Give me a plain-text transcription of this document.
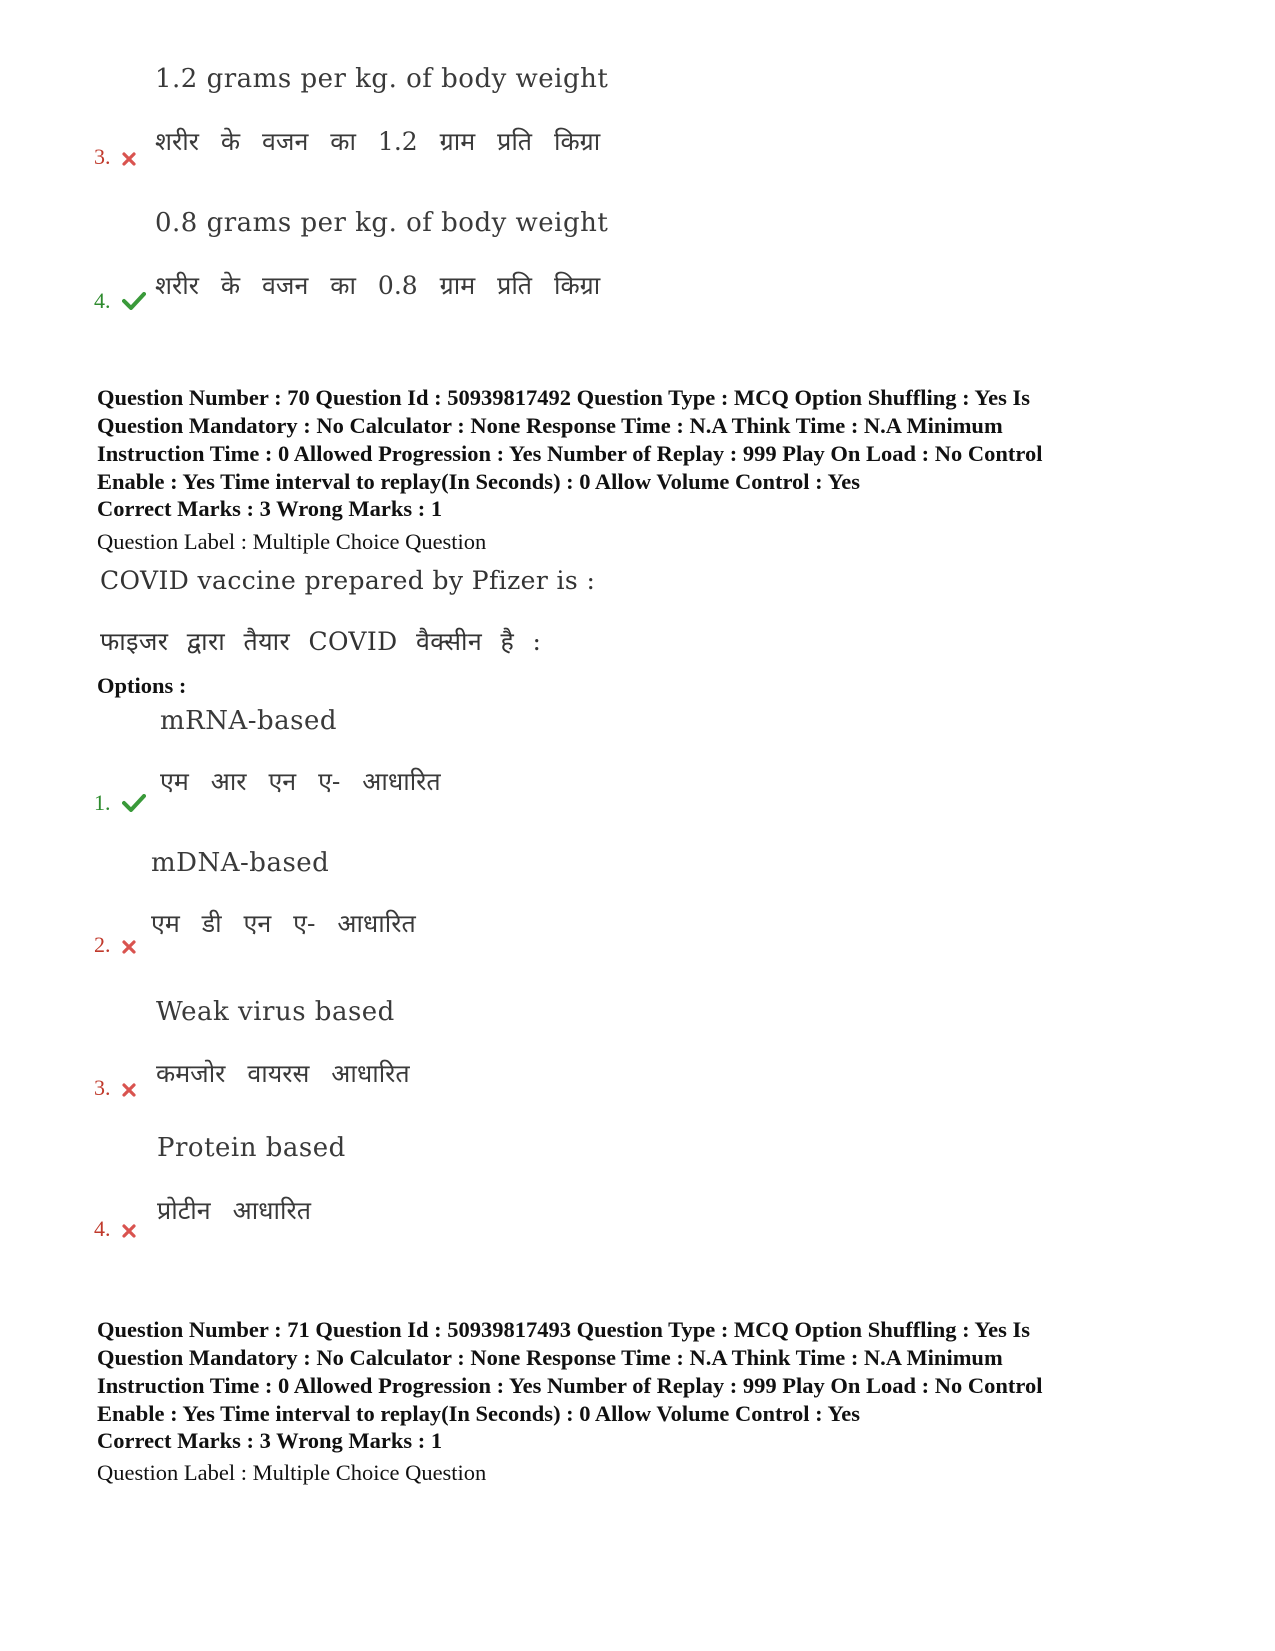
1.2 grams per kg. of body weight
शरीर के वजन का 1.2 ग्राम प्रति किग्रा
3.
0.8 grams per kg. of body weight
शरीर के वजन का 0.8 ग्राम प्रति किग्रा
4.

Question Number : 70 Question Id : 50939817492 Question Type : MCQ Option Shuffling : Yes Is

Question Mandatory : No Calculator : None Response Time : N.A Think Time : N.A Minimum

Instruction Time : 0 Allowed Progression : Yes Number of Replay : 999 Play On Load : No Control

Enable : Yes Time interval to replay(In Seconds) : 0 Allow Volume Control : Yes

Correct Marks : 3 Wrong Marks : 1
Question Label : Multiple Choice Question
COVID vaccine prepared by Pfizer is :
फाइजर द्वारा तैयार COVID वैक्सीन है :
Options :
mRNA-based
एम आर एन ए- आधारित
1.
mDNA-based
एम डी एन ए- आधारित
2.
Weak virus based
कमजोर वायरस आधारित
3.
Protein based
प्रोटीन आधारित
4.

Question Number : 71 Question Id : 50939817493 Question Type : MCQ Option Shuffling : Yes Is

Question Mandatory : No Calculator : None Response Time : N.A Think Time : N.A Minimum

Instruction Time : 0 Allowed Progression : Yes Number of Replay : 999 Play On Load : No Control

Enable : Yes Time interval to replay(In Seconds) : 0 Allow Volume Control : Yes

Correct Marks : 3 Wrong Marks : 1
Question Label : Multiple Choice Question
